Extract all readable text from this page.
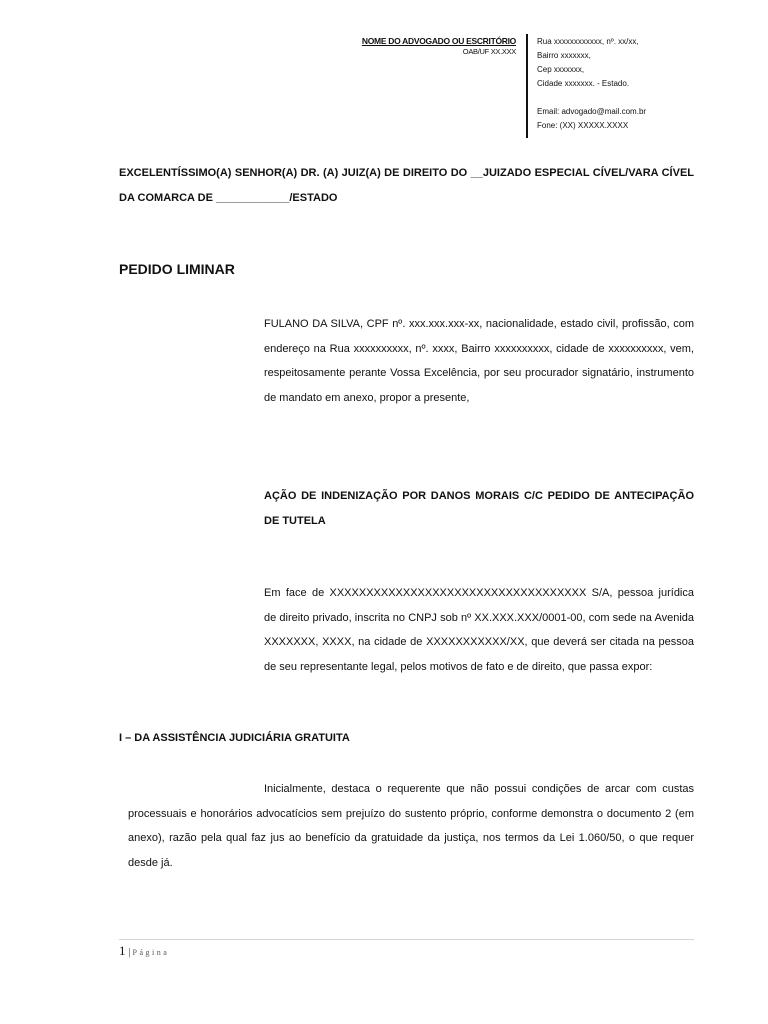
NOME DO ADVOGADO OU ESCRITÓRIO
OAB/UF XX.XXX
Rua xxxxxxxxxxxx, nº. xx/xx,
Bairro xxxxxxx,
Cep xxxxxxx,
Cidade xxxxxxx. - Estado.
Email: advogado@mail.com.br
Fone: (XX) XXXXX.XXXX
EXCELENTÍSSIMO(A) SENHOR(A) DR. (A) JUIZ(A) DE DIREITO DO __JUIZADO ESPECIAL CÍVEL/VARA CÍVEL DA COMARCA DE ____________/ESTADO
PEDIDO LIMINAR
FULANO DA SILVA, CPF nº. xxx.xxx.xxx-xx, nacionalidade, estado civil, profissão, com endereço na Rua xxxxxxxxxx, nº. xxxx, Bairro xxxxxxxxxx, cidade de xxxxxxxxxx, vem, respeitosamente perante Vossa Excelência, por seu procurador signatário, instrumento de mandato em anexo, propor a presente,
AÇÃO DE INDENIZAÇÃO POR DANOS MORAIS C/C PEDIDO DE ANTECIPAÇÃO DE TUTELA
Em face de XXXXXXXXXXXXXXXXXXXXXXXXXXXXXXXXXXX S/A, pessoa jurídica de direito privado, inscrita no CNPJ sob nº XX.XXX.XXX/0001-00, com sede na Avenida XXXXXXX, XXXX, na cidade de XXXXXXXXXXX/XX, que deverá ser citada na pessoa de seu representante legal, pelos motivos de fato e de direito, que passa expor:
I – DA ASSISTÊNCIA JUDICIÁRIA GRATUITA
Inicialmente, destaca o requerente que não possui condições de arcar com custas processuais e honorários advocatícios sem prejuízo do sustento próprio, conforme demonstra o documento 2 (em anexo), razão pela qual faz jus ao benefício da gratuidade da justiça, nos termos da Lei 1.060/50, o que requer desde já.
1 | Página
